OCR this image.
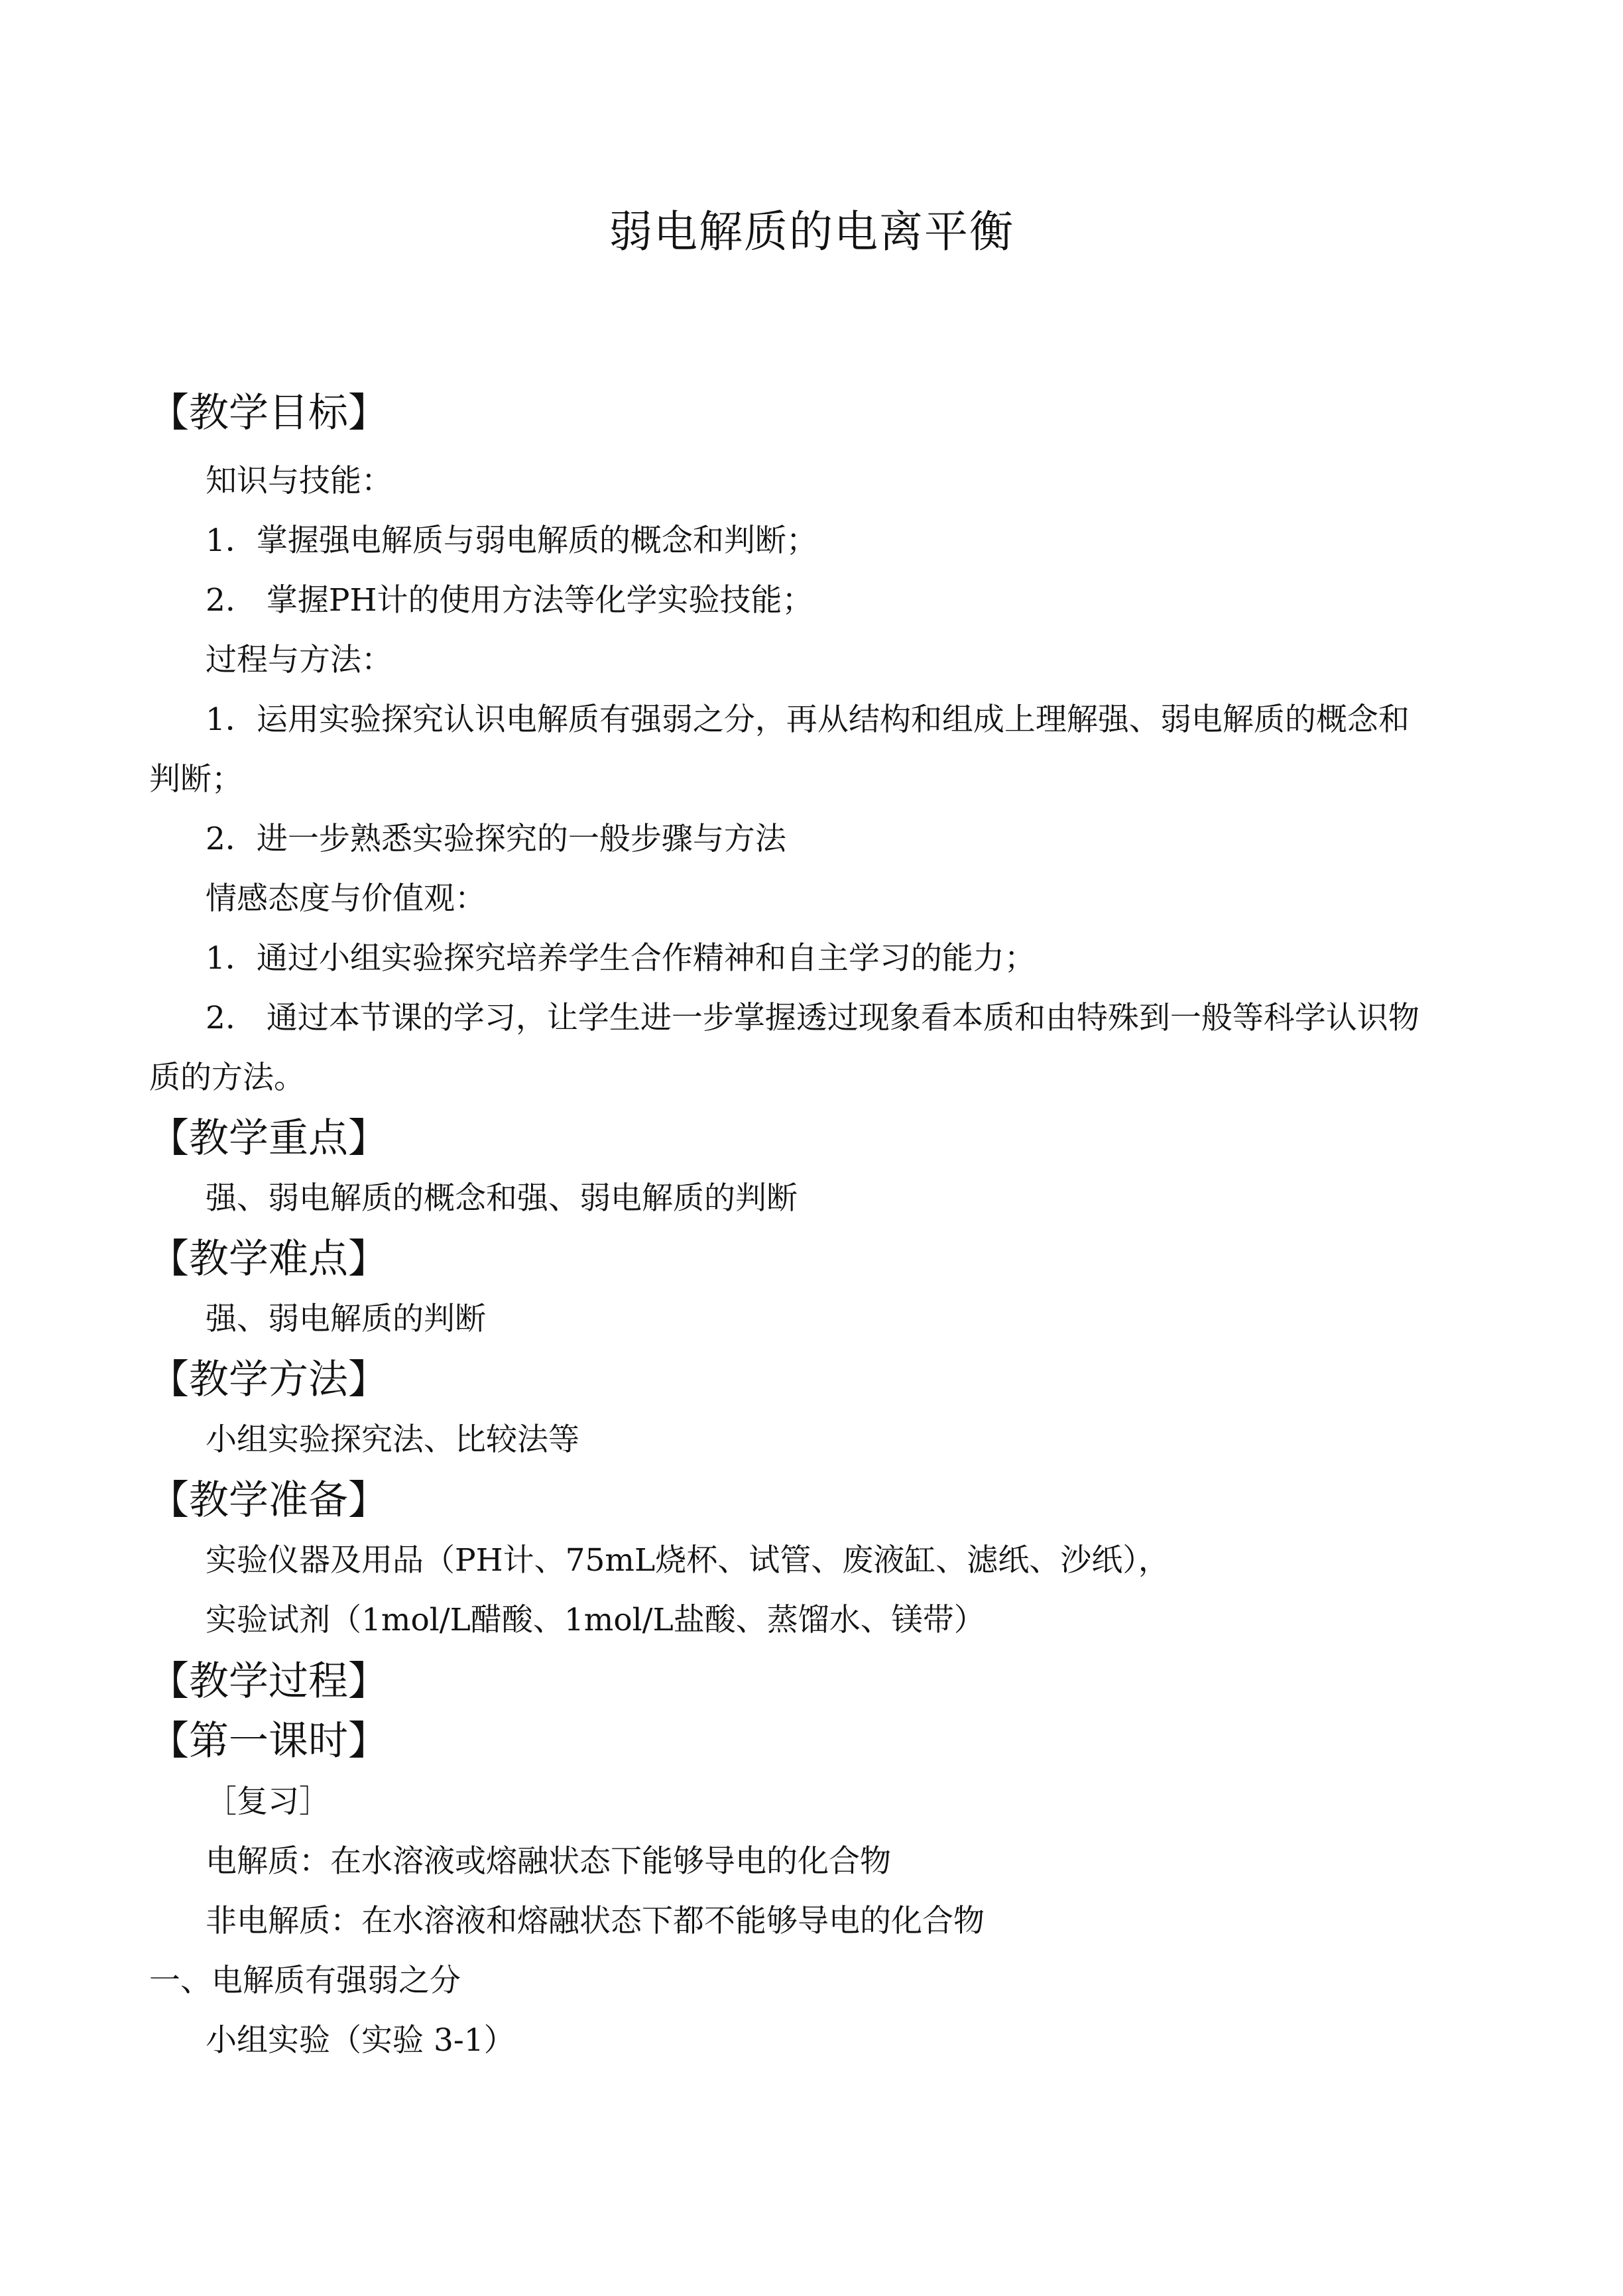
弱电解质的电离平衡
【教学目标】
知识与技能：
1．掌握强电解质与弱电解质的概念和判断；
2.　掌握PH计的使用方法等化学实验技能；
过程与方法：
1．运用实验探究认识电解质有强弱之分，再从结构和组成上理解强、弱电解质的概念和
判断；
2．进一步熟悉实验探究的一般步骤与方法
情感态度与价值观：
1．通过小组实验探究培养学生合作精神和自主学习的能力；
2.　通过本节课的学习，让学生进一步掌握透过现象看本质和由特殊到一般等科学认识物
质的方法。
【教学重点】
强、弱电解质的概念和强、弱电解质的判断
【教学难点】
强、弱电解质的判断
【教学方法】
小组实验探究法、比较法等
【教学准备】
实验仪器及用品（PH计、75mL烧杯、试管、废液缸、滤纸、沙纸），
实验试剂（1mol/L醋酸、1mol/L盐酸、蒸馏水、镁带）
【教学过程】
【第一课时】
［复习］
电解质：在水溶液或熔融状态下能够导电的化合物
非电解质：在水溶液和熔融状态下都不能够导电的化合物
一、电解质有强弱之分
小组实验（实验 3-1）
